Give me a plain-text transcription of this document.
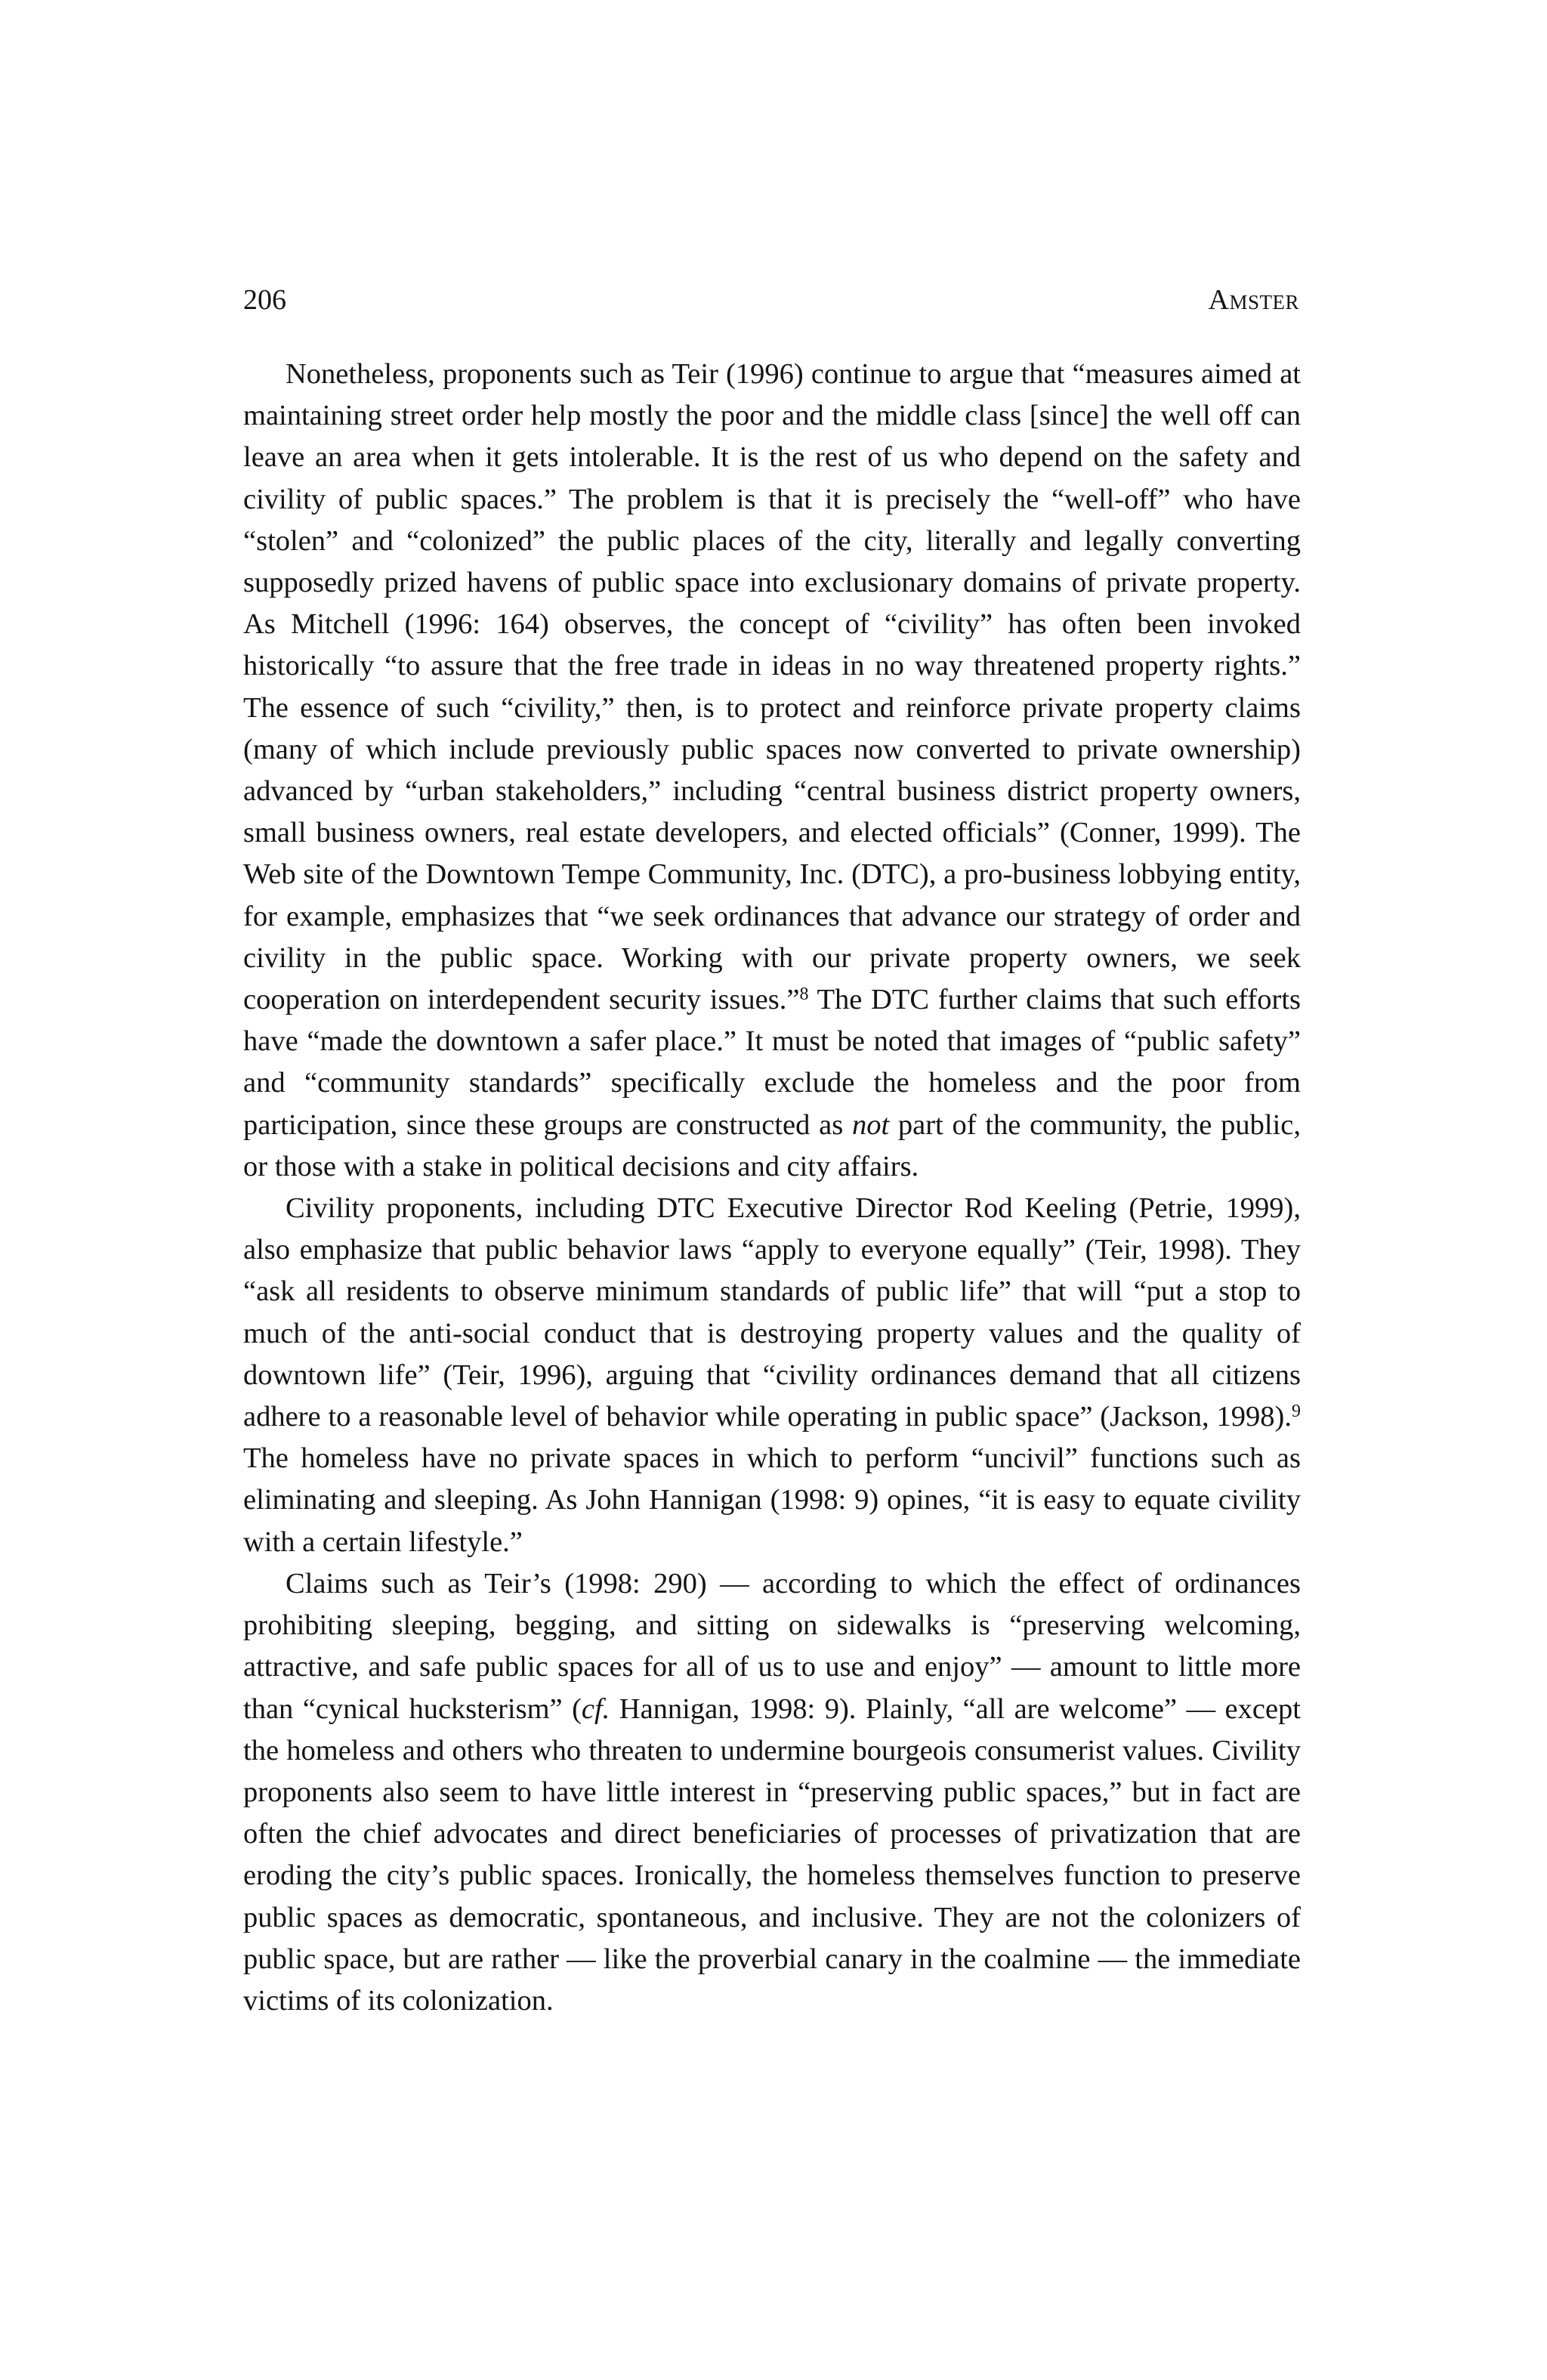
206	Amster

Nonetheless, proponents such as Teir (1996) continue to argue that “measures aimed at maintaining street order help mostly the poor and the middle class [since] the well off can leave an area when it gets intolerable. It is the rest of us who depend on the safety and civility of public spaces.” The problem is that it is precisely the “well-off” who have “stolen” and “colonized” the public places of the city, literally and legally converting supposedly prized havens of public space into exclusionary domains of private property. As Mitchell (1996: 164) observes, the concept of “civility” has often been invoked historically “to assure that the free trade in ideas in no way threatened property rights.” The essence of such “civility,” then, is to protect and reinforce private property claims (many of which include previously public spaces now converted to private ownership) advanced by “urban stakeholders,” including “central business district property owners, small business owners, real estate developers, and elected officials” (Conner, 1999). The Web site of the Downtown Tempe Community, Inc. (DTC), a pro-business lobbying entity, for example, emphasizes that “we seek ordinances that advance our strategy of order and civility in the public space. Working with our private property owners, we seek cooperation on interdependent security issues.”$^8$ The DTC further claims that such efforts have “made the downtown a safer place.” It must be noted that images of “public safety” and “community standards” specifically exclude the homeless and the poor from participation, since these groups are constructed as not part of the community, the public, or those with a stake in political decisions and city affairs.

Civility proponents, including DTC Executive Director Rod Keeling (Petrie, 1999), also emphasize that public behavior laws “apply to everyone equally” (Teir, 1998). They “ask all residents to observe minimum standards of public life” that will “put a stop to much of the anti-social conduct that is destroying property values and the quality of downtown life” (Teir, 1996), arguing that “civility ordinances demand that all citizens adhere to a reasonable level of behavior while operating in public space” (Jackson, 1998).$^9$ The homeless have no private spaces in which to perform “uncivil” functions such as eliminating and sleeping. As John Hannigan (1998: 9) opines, “it is easy to equate civility with a certain lifestyle.”

Claims such as Teir’s (1998: 290) — according to which the effect of ordinances prohibiting sleeping, begging, and sitting on sidewalks is “preserving welcoming, attractive, and safe public spaces for all of us to use and enjoy” — amount to little more than “cynical hucksterism” (cf. Hannigan, 1998: 9). Plainly, “all are welcome” — except the homeless and others who threaten to undermine bourgeois consumerist values. Civility proponents also seem to have little interest in “preserving public spaces,” but in fact are often the chief advocates and direct beneficiaries of processes of privatization that are eroding the city’s public spaces. Ironically, the homeless themselves function to preserve public spaces as democratic, spontaneous, and inclusive. They are not the colonizers of public space, but are rather — like the proverbial canary in the coalmine — the immediate victims of its colonization.
